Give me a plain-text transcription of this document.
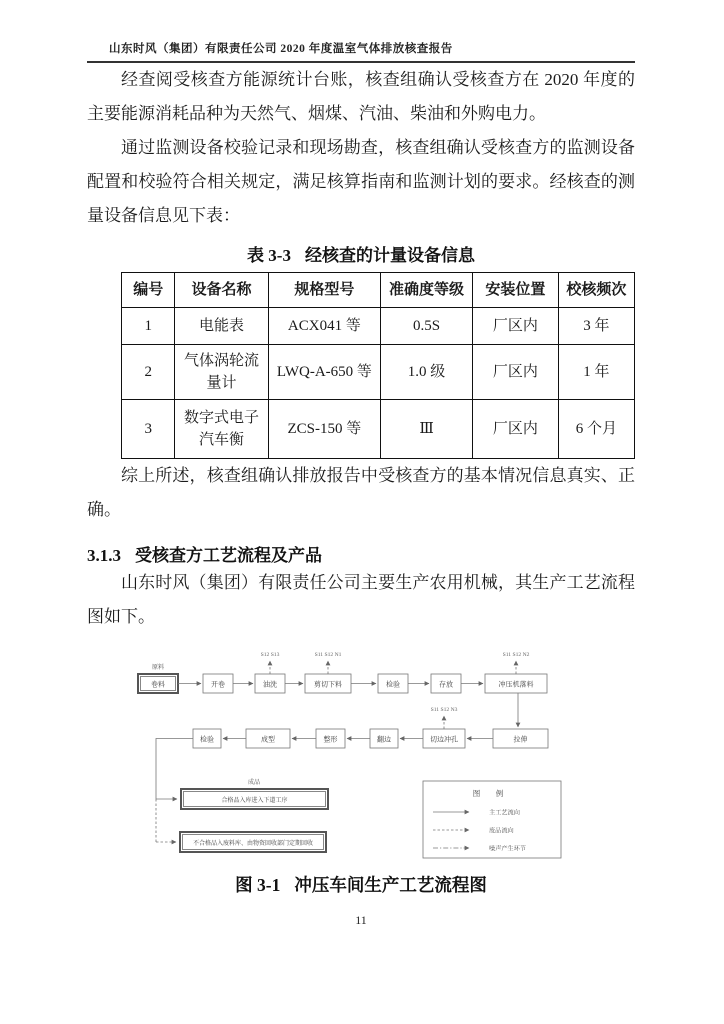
山东时风（集团）有限责任公司 2020 年度温室气体排放核查报告

经查阅受核查方能源统计台账，核查组确认受核查方在 2020 年度的主要能源消耗品种为天然气、烟煤、汽油、柴油和外购电力。

通过监测设备校验记录和现场勘查，核查组确认受核查方的监测设备配置和校验符合相关规定，满足核算指南和监测计划的要求。经核查的测量设备信息见下表：

表 3-3 经核查的计量设备信息
编号	设备名称	规格型号	准确度等级	安装位置	校核频次
1	电能表	ACX041 等	0.5S	厂区内	3 年
2	气体涡轮流量计	LWQ-A-650 等	1.0 级	厂区内	1 年
3	数字式电子汽车衡	ZCS-150 等	Ⅲ	厂区内	6 个月

综上所述，核查组确认排放报告中受核查方的基本情况信息真实、正确。

3.1.3 受核查方工艺流程及产品

山东时风（集团）有限责任公司主要生产农用机械，其生产工艺流程图如下。

S12 S13	S11 S12 N1	S11 S12 N2
原料
卷料	开卷	油洗	剪切下料	检验	存放	冲压机落料
S11 S12 N3
拉伸
切边冲孔
翻边
整形
成型
检验
成品
合格品入库进入下道工序
不合格品入废料库、由物资回收部门定期回收
图　例
主工艺流向
废品流向
噪声产生环节
图 3-1 冲压车间生产工艺流程图
11
